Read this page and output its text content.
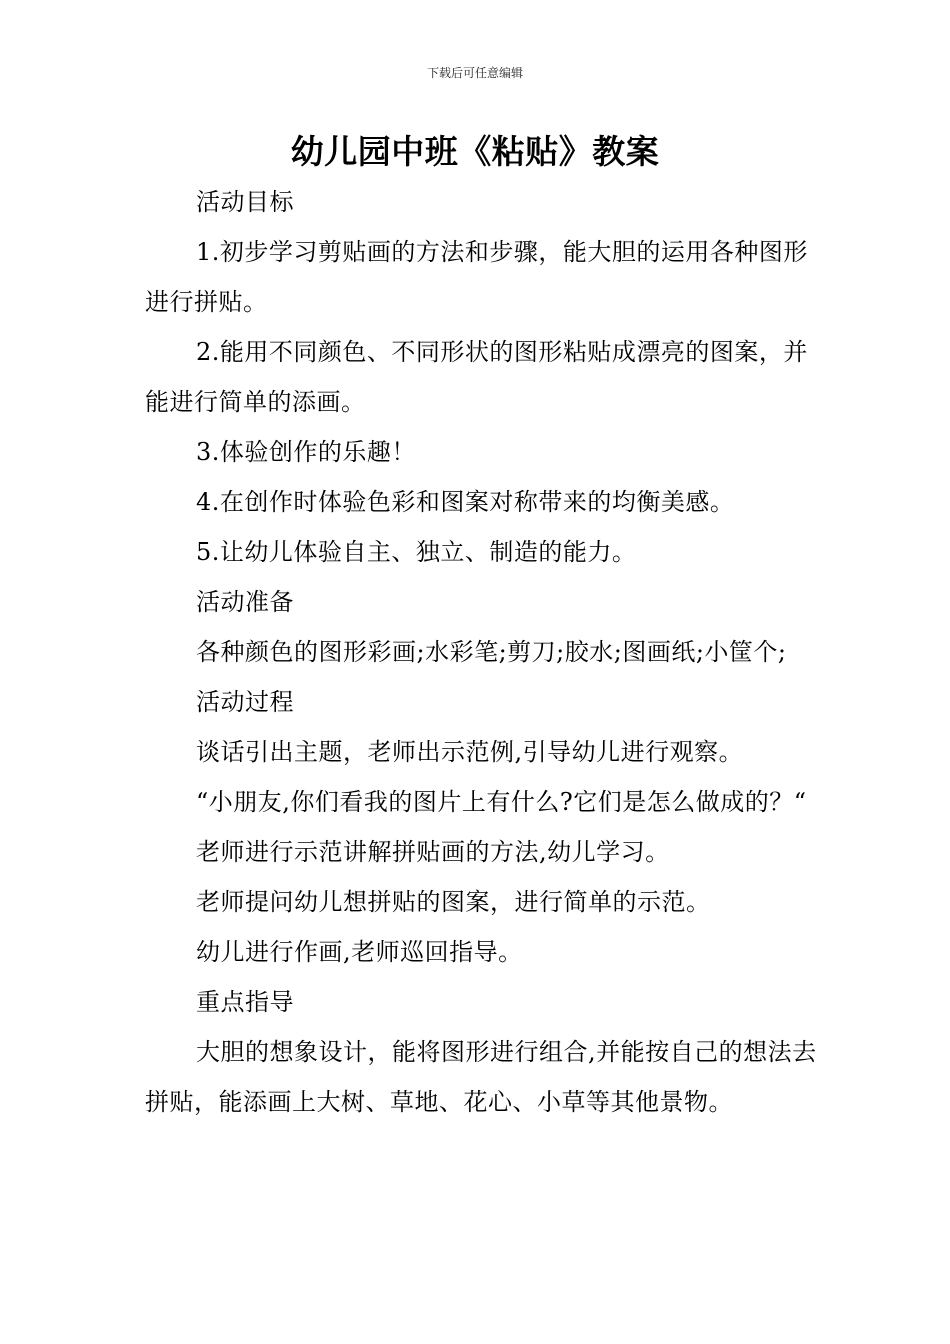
下载后可任意编辑
幼儿园中班《粘贴》教案

活动目标

1.初步学习剪贴画的方法和步骤，能大胆的运用各种图形进行拼贴。

2.能用不同颜色、不同形状的图形粘贴成漂亮的图案，并能进行简单的添画。

3.体验创作的乐趣！

4.在创作时体验色彩和图案对称带来的均衡美感。

5.让幼儿体验自主、独立、制造的能力。

活动准备

各种颜色的图形彩画;水彩笔;剪刀;胶水;图画纸;小筐个;

活动过程

谈话引出主题，老师出示范例,引导幼儿进行观察。

“小朋友,你们看我的图片上有什么?它们是怎么做成的？“

老师进行示范讲解拼贴画的方法,幼儿学习。

老师提问幼儿想拼贴的图案，进行简单的示范。

幼儿进行作画,老师巡回指导。

重点指导

大胆的想象设计，能将图形进行组合,并能按自己的想法去拼贴，能添画上大树、草地、花心、小草等其他景物。
